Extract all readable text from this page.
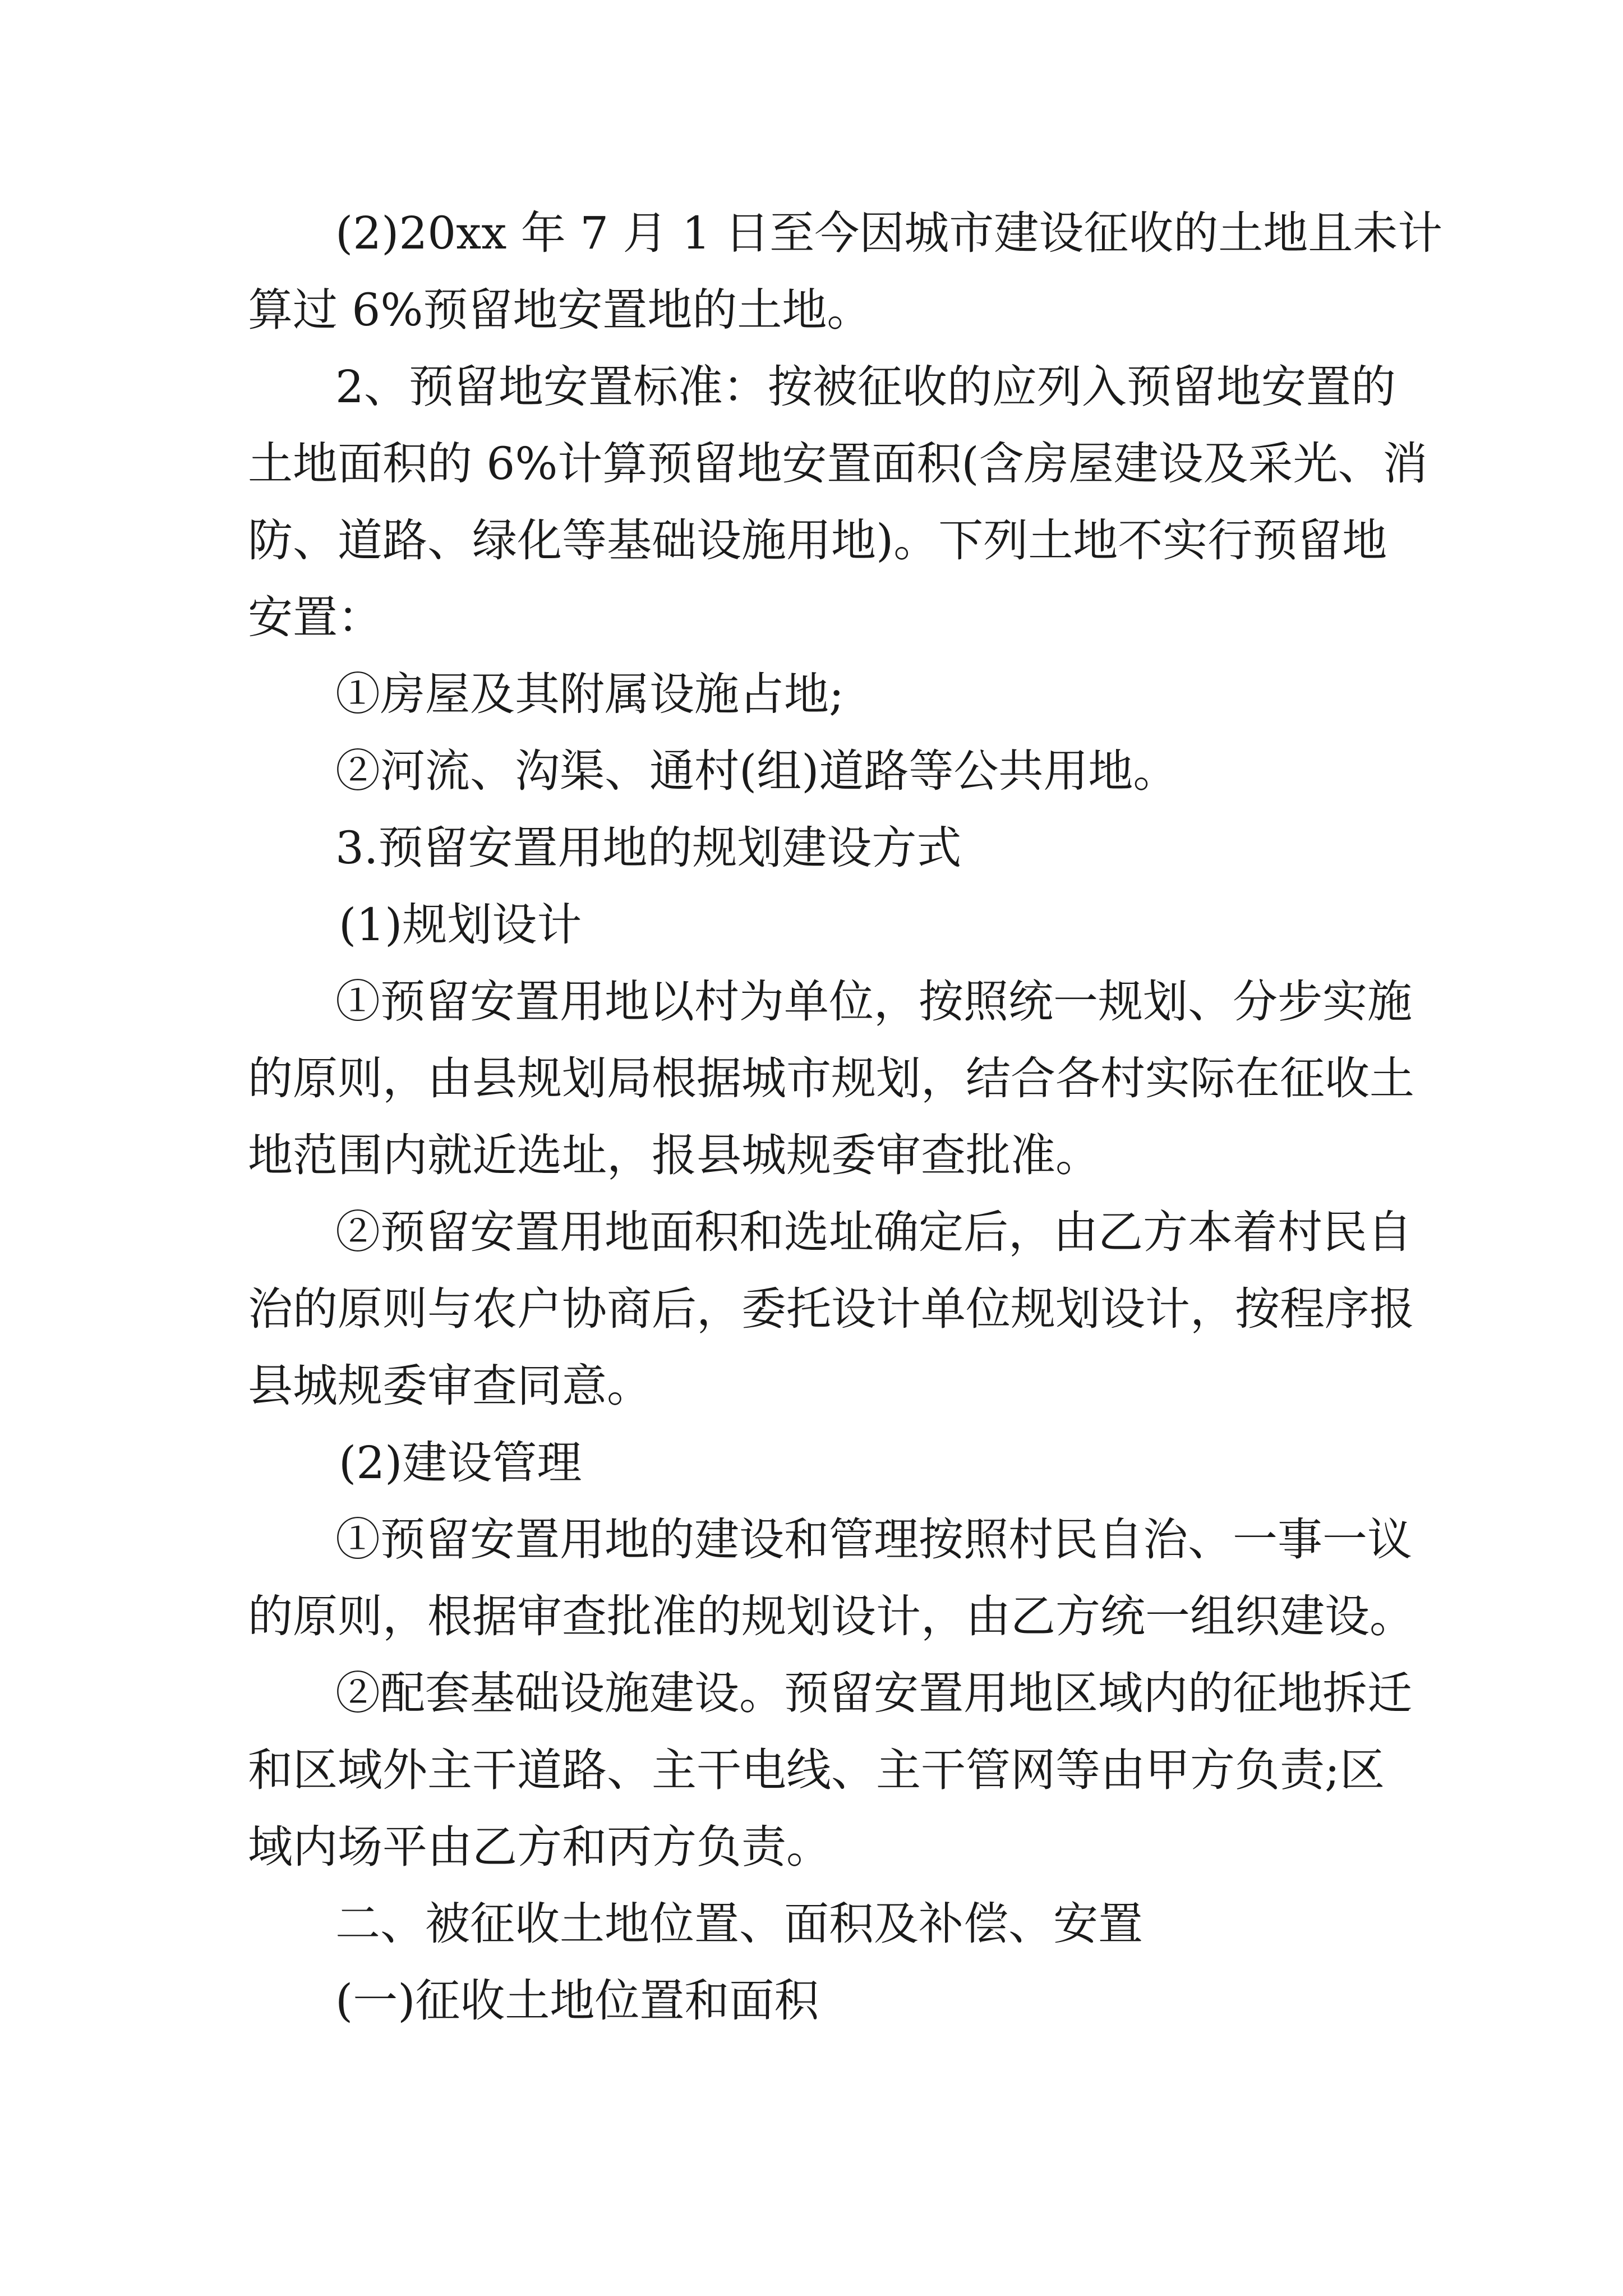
(2)20xx 年 7 月 1 日至今因城市建设征收的土地且未计
算过 6%预留地安置地的土地。
2、预留地安置标准：按被征收的应列入预留地安置的
土地面积的 6%计算预留地安置面积(含房屋建设及采光、消
防、道路、绿化等基础设施用地)。下列土地不实行预留地
安置：
①房屋及其附属设施占地;
②河流、沟渠、通村(组)道路等公共用地。
3.预留安置用地的规划建设方式
(1)规划设计
①预留安置用地以村为单位，按照统一规划、分步实施
的原则，由县规划局根据城市规划，结合各村实际在征收土
地范围内就近选址，报县城规委审查批准。
②预留安置用地面积和选址确定后，由乙方本着村民自
治的原则与农户协商后，委托设计单位规划设计，按程序报
县城规委审查同意。
(2)建设管理
①预留安置用地的建设和管理按照村民自治、一事一议
的原则，根据审查批准的规划设计，由乙方统一组织建设。
②配套基础设施建设。预留安置用地区域内的征地拆迁
和区域外主干道路、主干电线、主干管网等由甲方负责;区
域内场平由乙方和丙方负责。
二、被征收土地位置、面积及补偿、安置
(一)征收土地位置和面积
